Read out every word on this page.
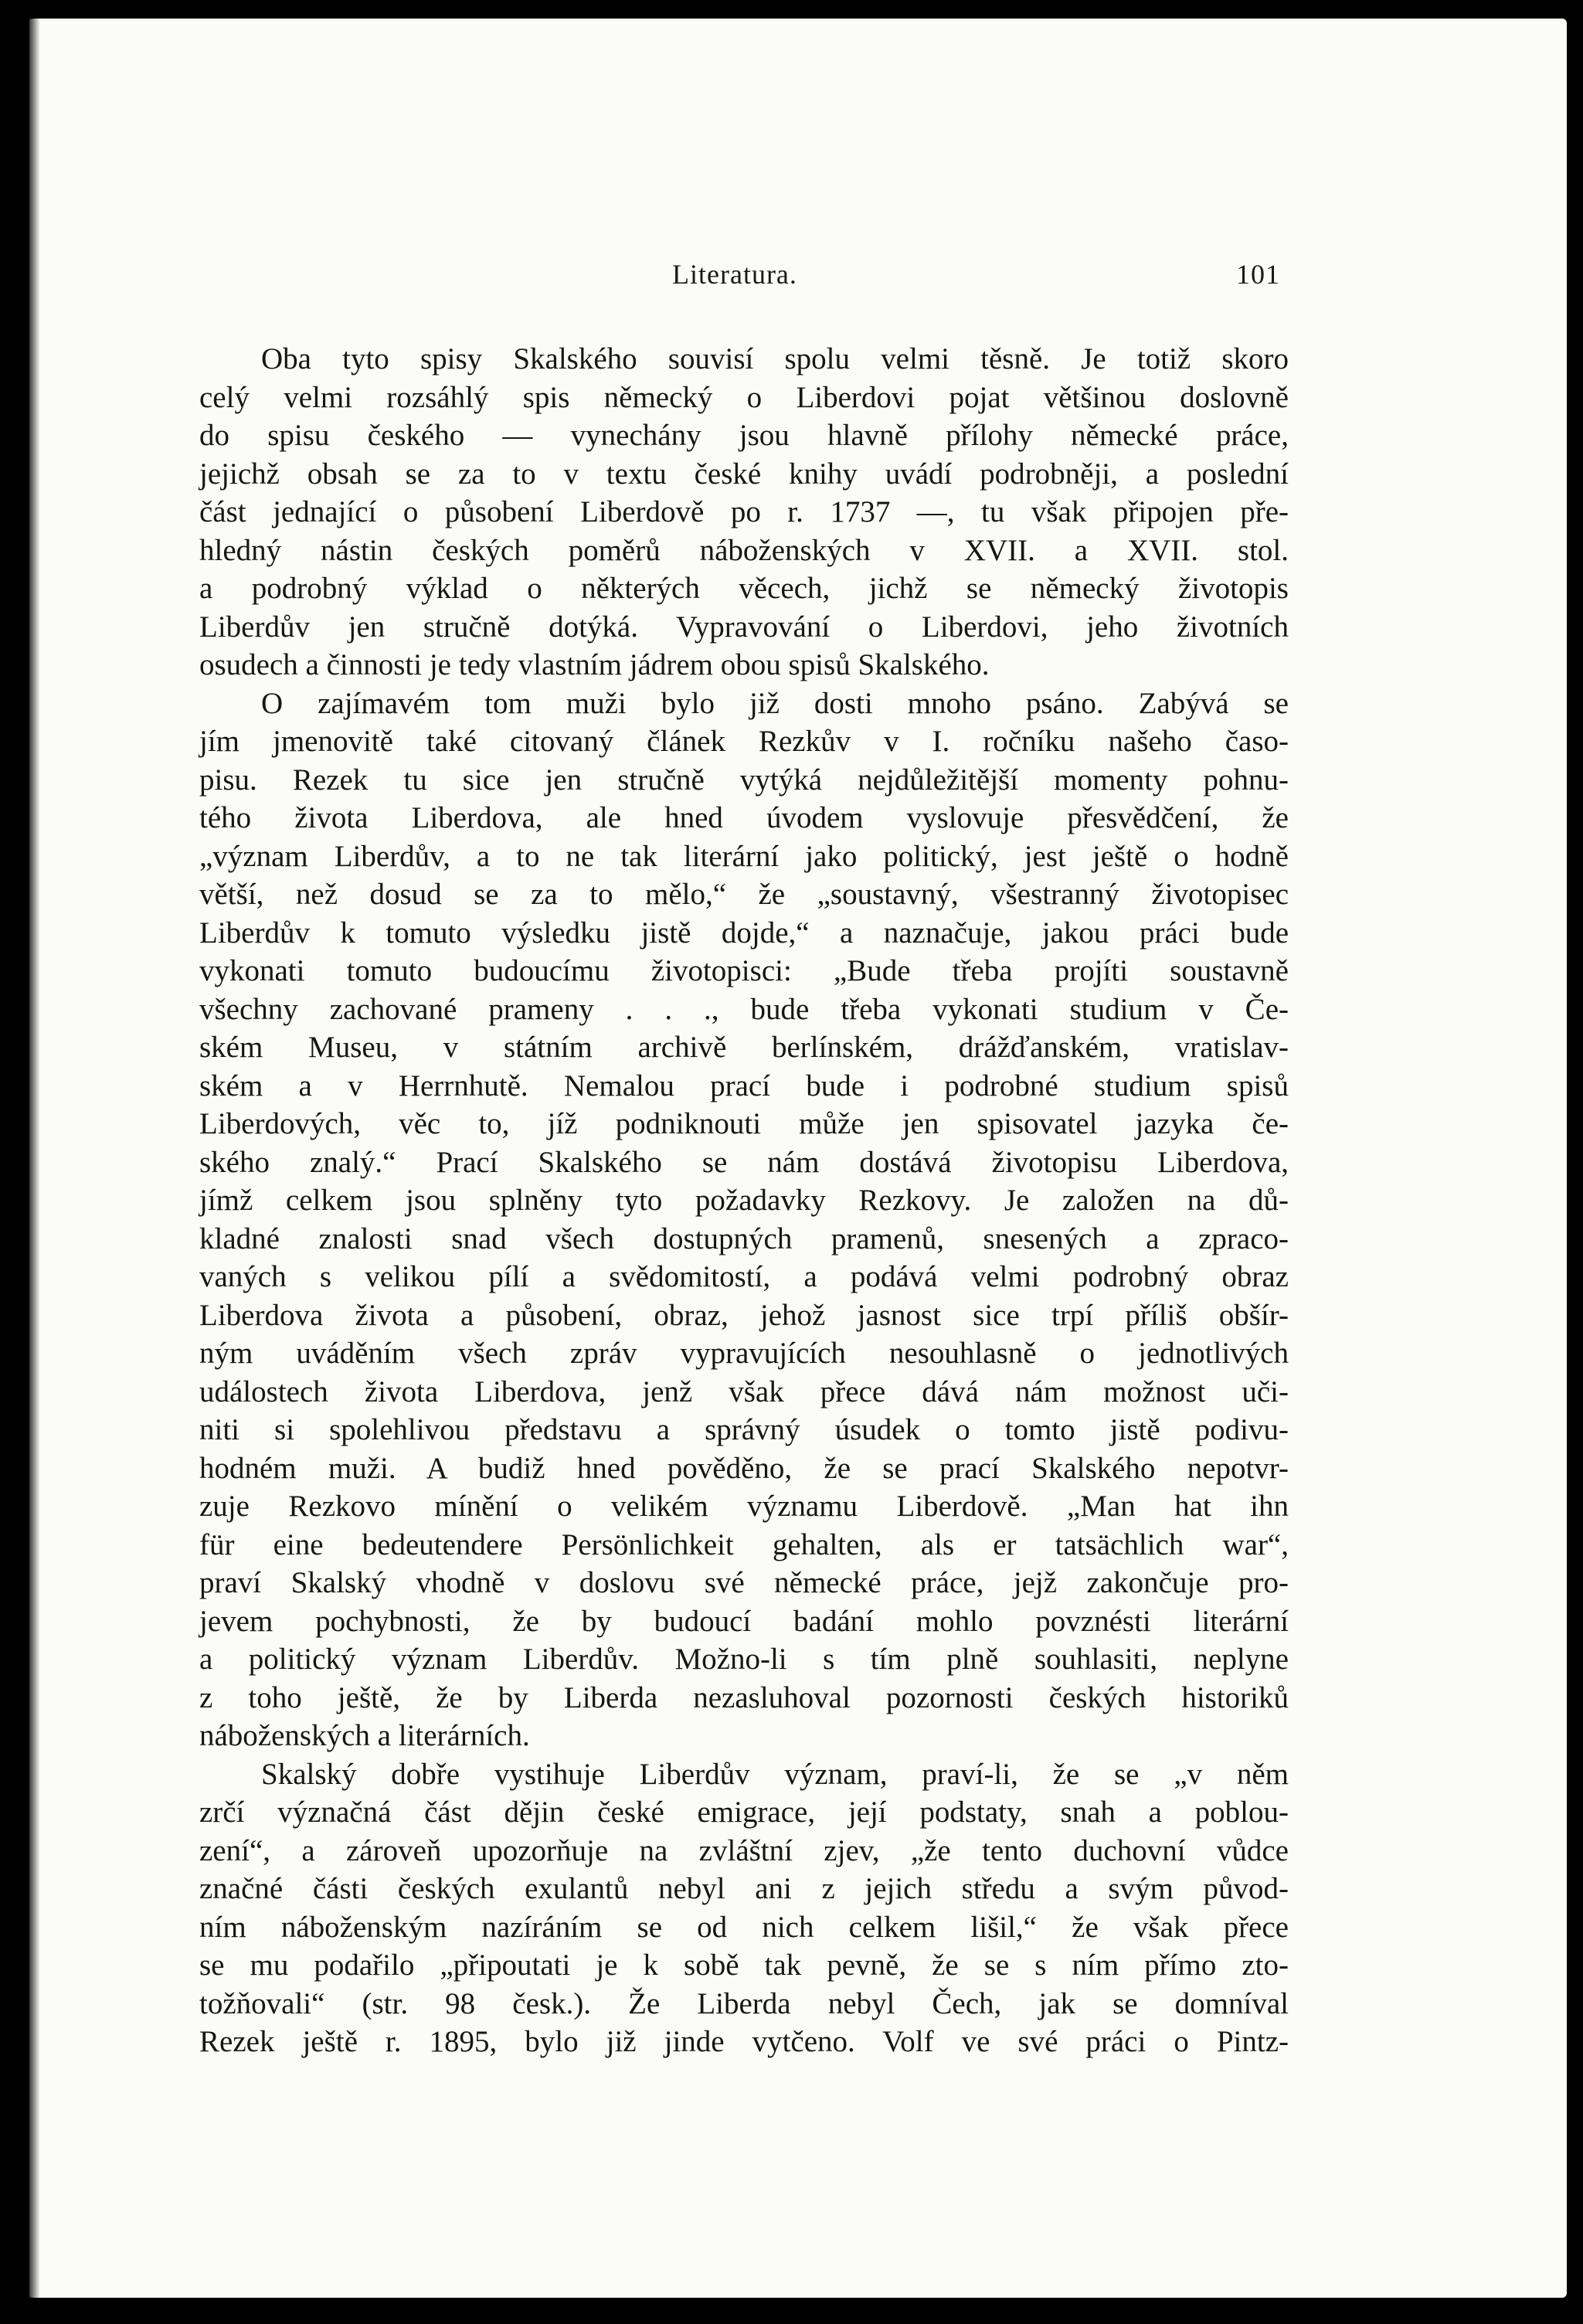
Literatura.	101
Oba tyto spisy Skalského souvisí spolu velmi těsně. Je totiž skoro
celý velmi rozsáhlý spis německý o Liberdovi pojat většinou doslovně
do spisu českého — vynechány jsou hlavně přílohy německé práce,
jejichž obsah se za to v textu české knihy uvádí podrobněji, a poslední
část jednající o působení Liberdově po r. 1737 —, tu však připojen pře-
hledný nástin českých poměrů náboženských v XVII. a XVII. stol.
a podrobný výklad o některých věcech, jichž se německý životopis
Liberdův jen stručně dotýká. Vypravování o Liberdovi, jeho životních
osudech a činnosti je tedy vlastním jádrem obou spisů Skalského.
O zajímavém tom muži bylo již dosti mnoho psáno. Zabývá se
jím jmenovitě také citovaný článek Rezkův v I. ročníku našeho časo-
pisu. Rezek tu sice jen stručně vytýká nejdůležitější momenty pohnu-
tého života Liberdova, ale hned úvodem vyslovuje přesvědčení, že
„význam Liberdův, a to ne tak literární jako politický, jest ještě o hodně
větší, než dosud se za to mělo,“ že „soustavný, všestranný životopisec
Liberdův k tomuto výsledku jistě dojde,“ a naznačuje, jakou práci bude
vykonati tomuto budoucímu životopisci: „Bude třeba projíti soustavně
všechny zachované prameny . . ., bude třeba vykonati studium v Če-
ském Museu, v státním archivě berlínském, drážďanském, vratislav-
ském a v Herrnhutě. Nemalou prací bude i podrobné studium spisů
Liberdových, věc to, jíž podniknouti může jen spisovatel jazyka če-
ského znalý.“ Prací Skalského se nám dostává životopisu Liberdova,
jímž celkem jsou splněny tyto požadavky Rezkovy. Je založen na dů-
kladné znalosti snad všech dostupných pramenů, snesených a zpraco-
vaných s velikou pílí a svědomitostí, a podává velmi podrobný obraz
Liberdova života a působení, obraz, jehož jasnost sice trpí příliš obšír-
ným uváděním všech zpráv vypravujících nesouhlasně o jednotlivých
událostech života Liberdova, jenž však přece dává nám možnost uči-
niti si spolehlivou představu a správný úsudek o tomto jistě podivu-
hodném muži. A budiž hned pověděno, že se prací Skalského nepotvr-
zuje Rezkovo mínění o velikém významu Liberdově. „Man hat ihn
für eine bedeutendere Persönlichkeit gehalten, als er tatsächlich war“,
praví Skalský vhodně v doslovu své německé práce, jejž zakončuje pro-
jevem pochybnosti, že by budoucí badání mohlo povznésti literární
a politický význam Liberdův. Možno-li s tím plně souhlasiti, neplyne
z toho ještě, že by Liberda nezasluhoval pozornosti českých historiků
náboženských a literárních.
Skalský dobře vystihuje Liberdův význam, praví-li, že se „v něm
zrčí význačná část dějin české emigrace, její podstaty, snah a poblou-
zení“, a zároveň upozorňuje na zvláštní zjev, „že tento duchovní vůdce
značné části českých exulantů nebyl ani z jejich středu a svým původ-
ním náboženským nazíráním se od nich celkem lišil,“ že však přece
se mu podařilo „připoutati je k sobě tak pevně, že se s ním přímo zto-
tožňovali“ (str. 98 česk.). Že Liberda nebyl Čech, jak se domníval
Rezek ještě r. 1895, bylo již jinde vytčeno. Volf ve své práci o Pintz-
